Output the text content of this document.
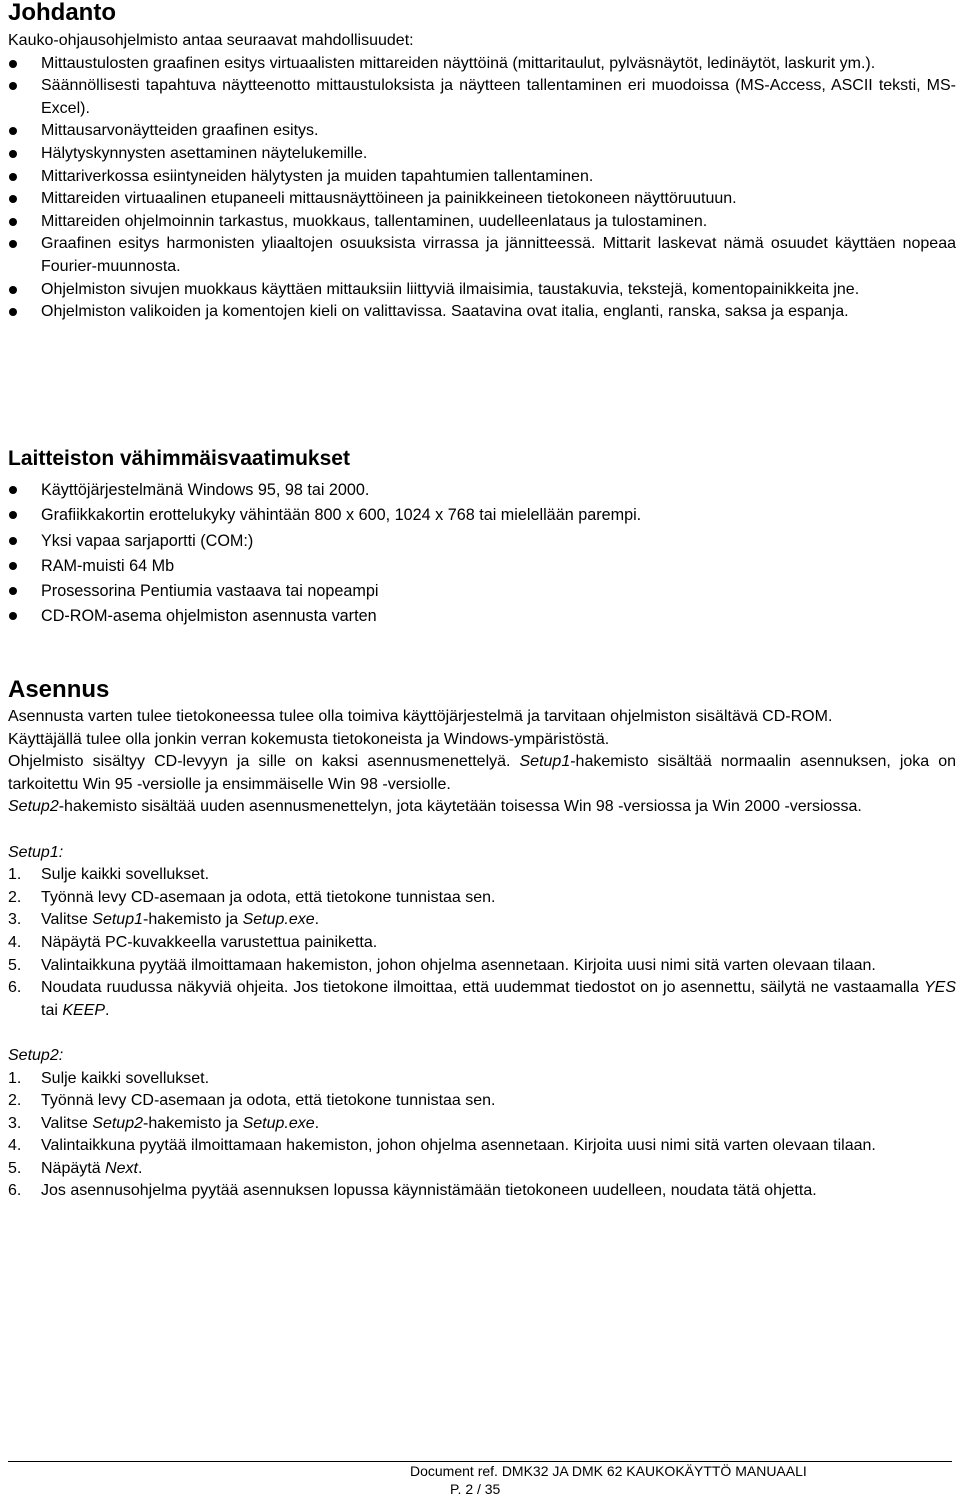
Johdanto

Kauko-ohjausohjelmisto antaa seuraavat mahdollisuudet:

Mittaustulosten graafinen esitys virtuaalisten mittareiden näyttöinä (mittaritaulut, pylväsnäytöt, ledinäytöt, laskurit ym.).
Säännöllisesti tapahtuva näytteenotto mittaustuloksista ja näytteen tallentaminen eri muodoissa (MS-Access, ASCII teksti, MS-Excel).
Mittausarvonäytteiden graafinen esitys.
Hälytyskynnysten asettaminen näytelukemille.
Mittariverkossa esiintyneiden hälytysten ja muiden tapahtumien tallentaminen.
Mittareiden virtuaalinen etupaneeli mittausnäyttöineen ja painikkeineen tietokoneen näyttöruutuun.
Mittareiden ohjelmoinnin tarkastus, muokkaus, tallentaminen, uudelleenlataus ja tulostaminen.
Graafinen esitys harmonisten yliaaltojen osuuksista virrassa ja jännitteessä. Mittarit laskevat nämä osuudet käyttäen nopeaa Fourier-muunnosta.
Ohjelmiston sivujen muokkaus käyttäen mittauksiin liittyviä ilmaisimia, taustakuvia, tekstejä, komentopainikkeita jne.
Ohjelmiston valikoiden ja komentojen kieli on valittavissa. Saatavina ovat italia, englanti, ranska, saksa ja espanja.
Laitteiston vähimmäisvaatimukset
Käyttöjärjestelmänä Windows 95, 98 tai 2000.
Grafiikkakortin erottelukyky vähintään 800 x 600, 1024 x 768 tai mielellään parempi.
Yksi vapaa sarjaportti (COM:)
RAM-muisti 64 Mb
Prosessorina Pentiumia vastaava tai nopeampi
CD-ROM-asema ohjelmiston asennusta varten
Asennus

Asennusta varten tulee tietokoneessa tulee olla toimiva käyttöjärjestelmä ja tarvitaan ohjelmiston sisältävä CD-ROM.

Käyttäjällä tulee olla jonkin verran kokemusta tietokoneista ja Windows-ympäristöstä.

Ohjelmisto sisältyy CD-levyyn ja sille on kaksi asennusmenettelyä. Setup1-hakemisto sisältää normaalin asennuksen, joka on tarkoitettu Win 95 -versiolle ja ensimmäiselle Win 98 -versiolle.

Setup2-hakemisto sisältää uuden asennusmenettelyn, jota käytetään toisessa Win 98 -versiossa ja Win 2000 -versiossa.

Setup1:

1. Sulje kaikki sovellukset.
2. Työnnä levy CD-asemaan ja odota, että tietokone tunnistaa sen.
3. Valitse Setup1-hakemisto ja Setup.exe.
4. Näpäytä PC-kuvakkeella varustettua painiketta.
5. Valintaikkuna pyytää ilmoittamaan hakemiston, johon ohjelma asennetaan. Kirjoita uusi nimi sitä varten olevaan tilaan.
6. Noudata ruudussa näkyviä ohjeita. Jos tietokone ilmoittaa, että uudemmat tiedostot on jo asennettu, säilytä ne vastaamalla YES tai KEEP.

Setup2:

1. Sulje kaikki sovellukset.
2. Työnnä levy CD-asemaan ja odota, että tietokone tunnistaa sen.
3. Valitse Setup2-hakemisto ja Setup.exe.
4. Valintaikkuna pyytää ilmoittamaan hakemiston, johon ohjelma asennetaan. Kirjoita uusi nimi sitä varten olevaan tilaan.
5. Näpäytä Next.
6. Jos asennusohjelma pyytää asennuksen lopussa käynnistämään tietokoneen uudelleen, noudata tätä ohjetta.
Document ref. DMK32 JA DMK 62 KAUKOKÄYTTÖ MANUAALI
P. 2 / 35
